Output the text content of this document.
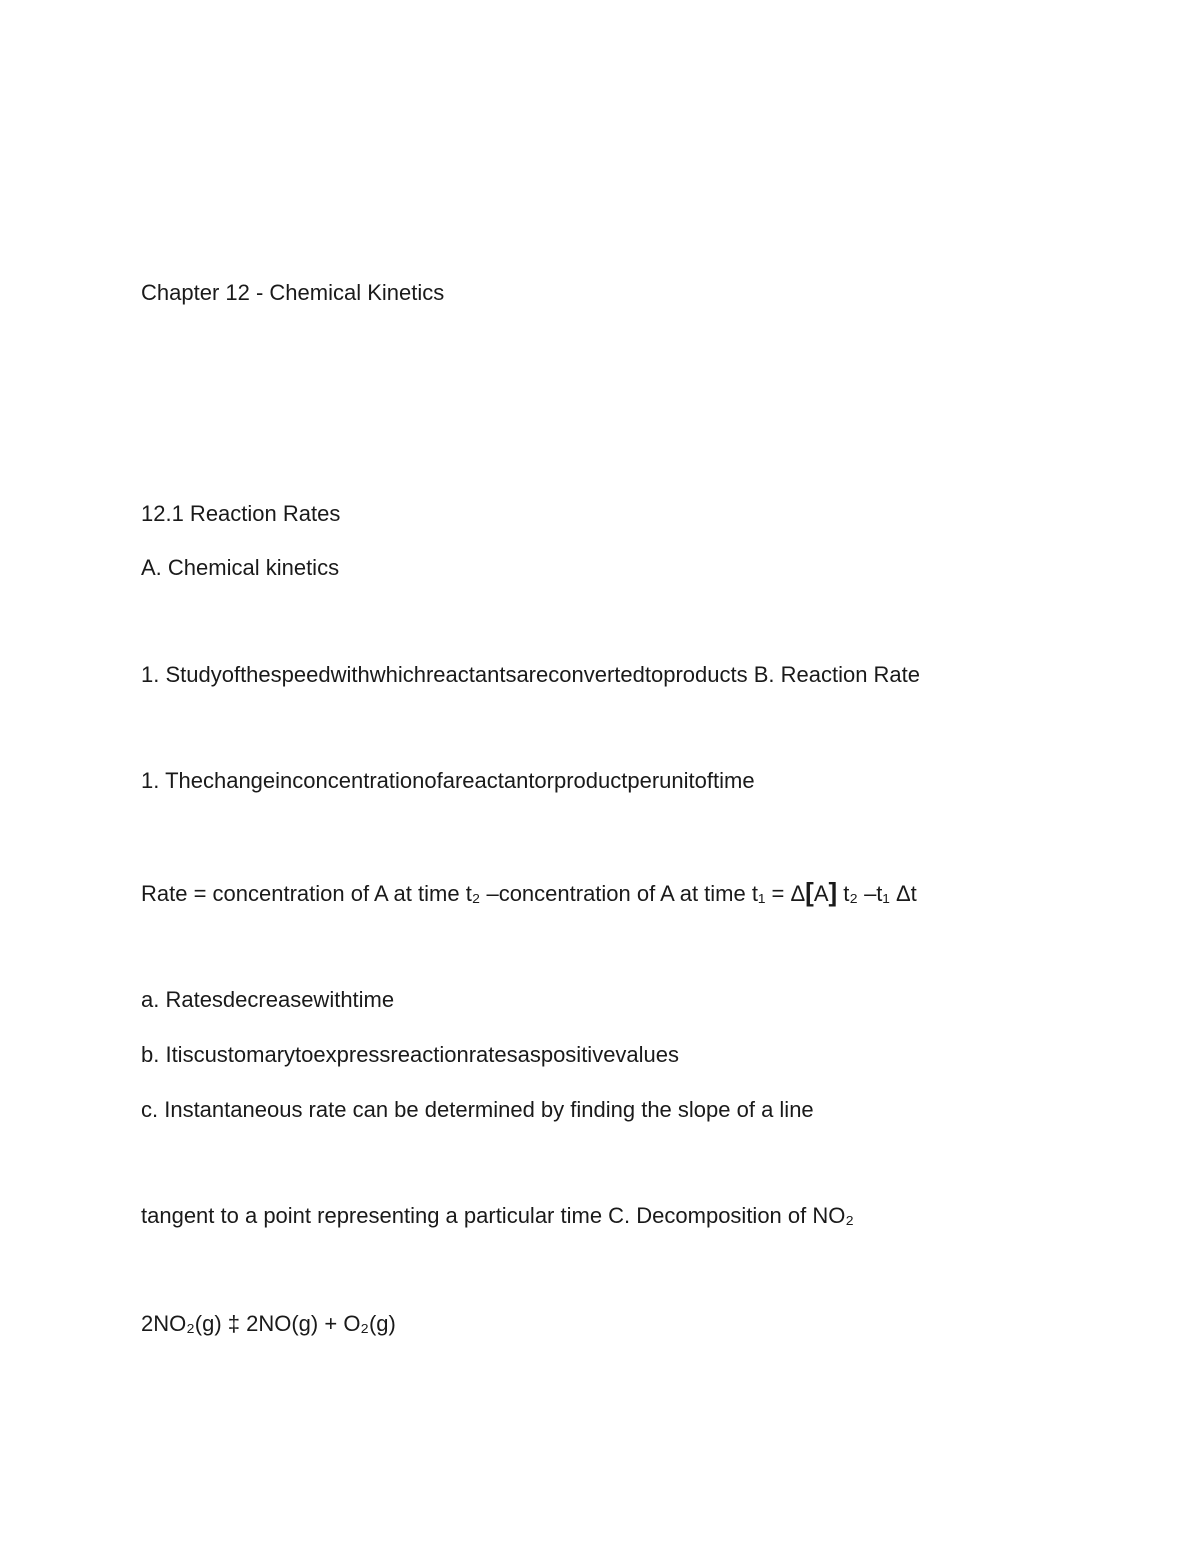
Chapter 12 - Chemical Kinetics
12.1 Reaction Rates
A. Chemical kinetics
1. Studyofthespeedwithwhichreactantsareconvertedtoproducts B. Reaction Rate
1. Thechangeinconcentrationofareactantorproductperunitoftime
Rate = concentration of A at time t₂ –concentration of A at time t₁ = Δ[A] t₂ –t₁ Δt
a. Ratesdecreasewithtime
b. Itiscustomarytoexpressreactionratesaspositivevalues
c. Instantaneous rate can be determined by finding the slope of a line
tangent to a point representing a particular time C. Decomposition of NO₂
2NO₂(g) ‡ 2NO(g) + O₂(g)
